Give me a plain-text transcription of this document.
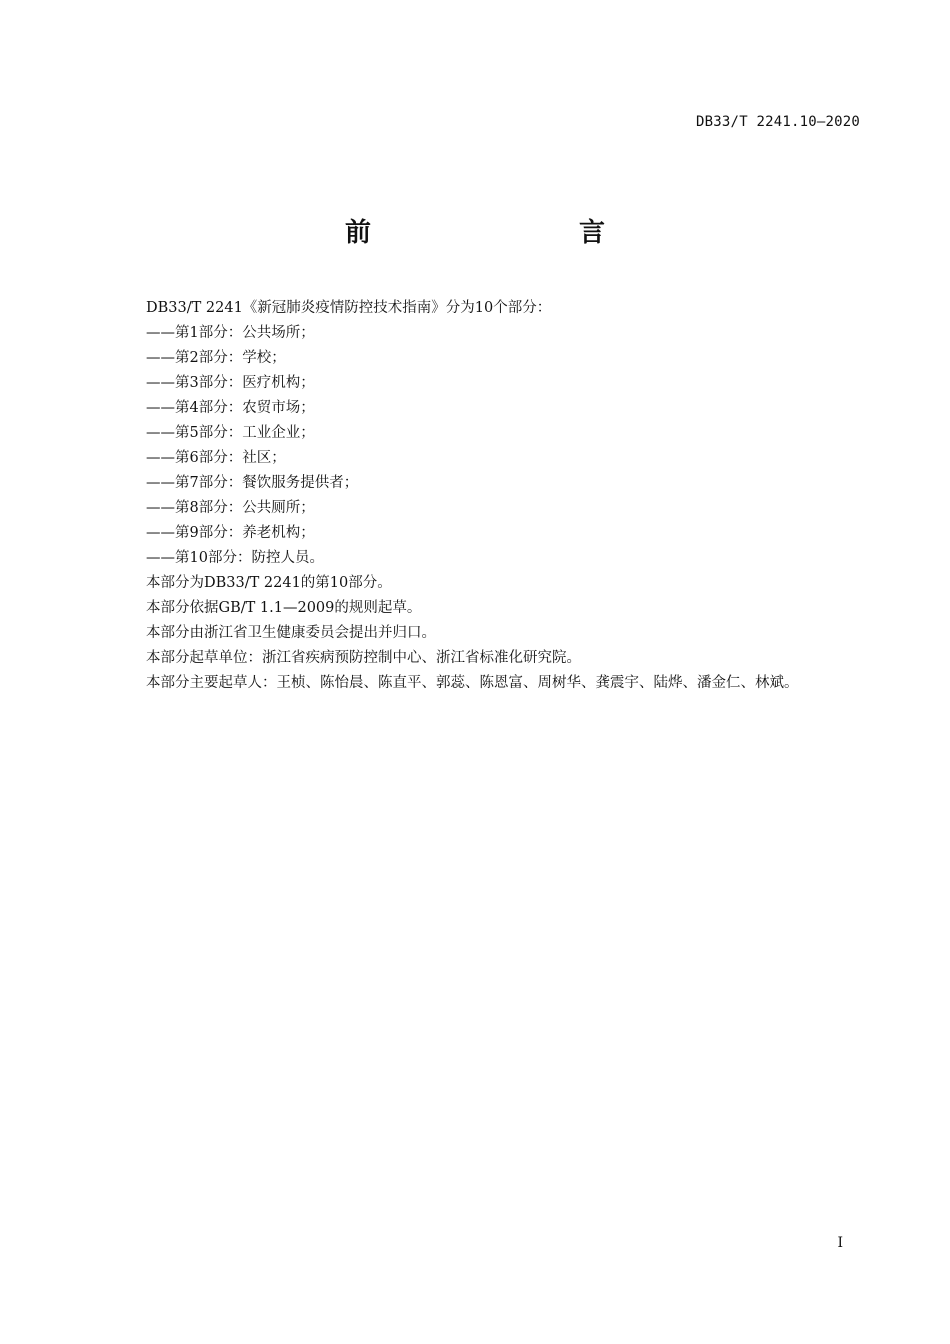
DB33/T 2241.10—2020
前　　言

DB33/T 2241《新冠肺炎疫情防控技术指南》分为10个部分：

——第1部分：公共场所；

——第2部分：学校；

——第3部分：医疗机构；

——第4部分：农贸市场；

——第5部分：工业企业；

——第6部分：社区；

——第7部分：餐饮服务提供者；

——第8部分：公共厕所；

——第9部分：养老机构；

——第10部分：防控人员。

本部分为DB33/T 2241的第10部分。

本部分依据GB/T 1.1—2009的规则起草。

本部分由浙江省卫生健康委员会提出并归口。

本部分起草单位：浙江省疾病预防控制中心、浙江省标准化研究院。

本部分主要起草人：王桢、陈怡晨、陈直平、郭蕊、陈恩富、周树华、龚震宇、陆烨、潘金仁、林斌。

I
